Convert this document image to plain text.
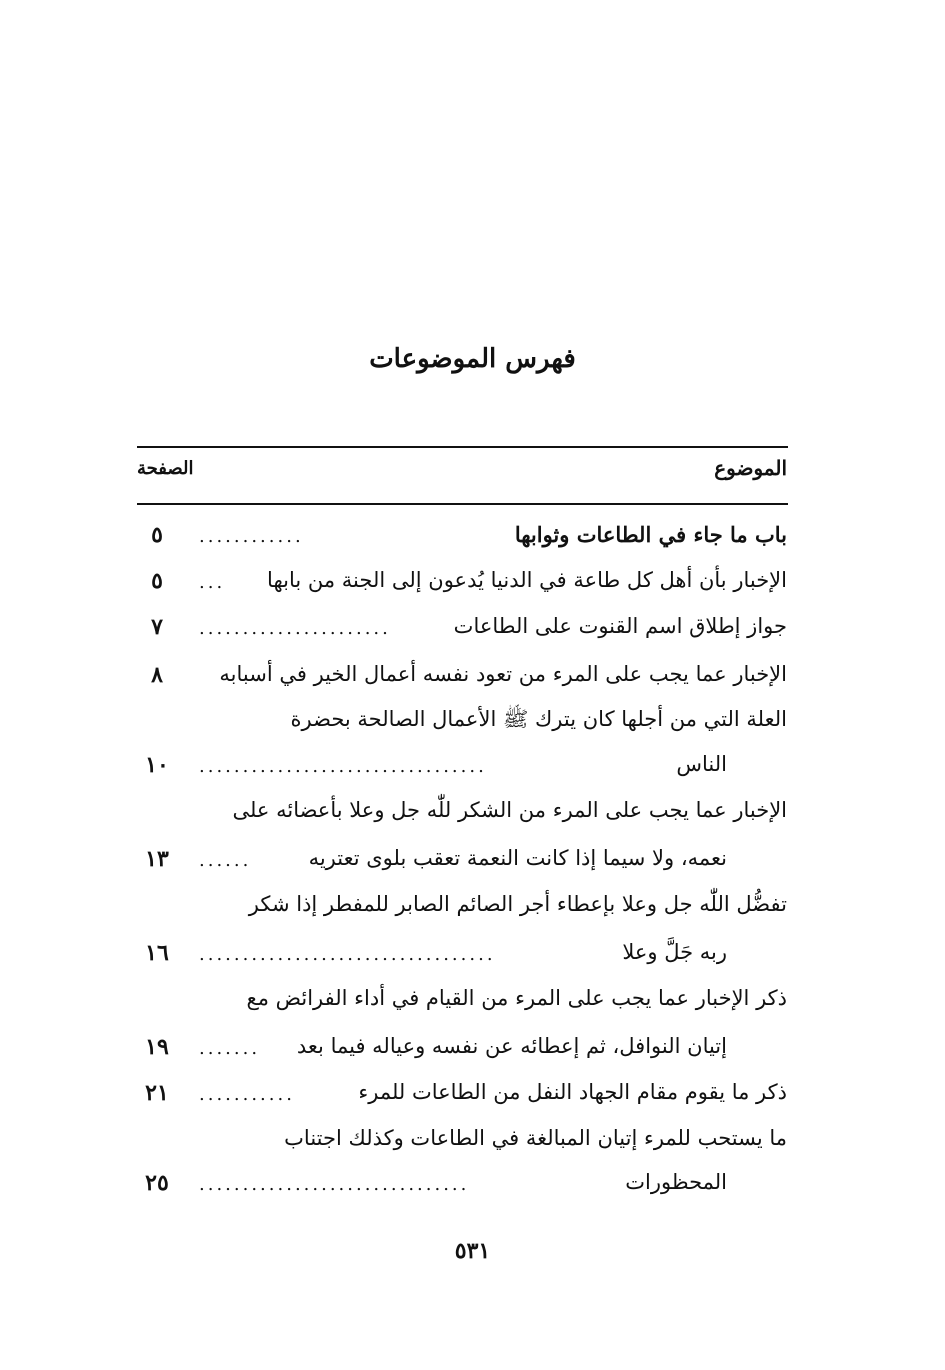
فهرس الموضوعات
الموضوع
الصفحة
باب ما جاء في الطاعات وثوابها
............
٥
الإخبار بأن أهل كل طاعة في الدنيا يُدعون إلى الجنة من بابها
...
٥
جواز إطلاق اسم القنوت على الطاعات
......................
٧
الإخبار عما يجب على المرء من تعود نفسه أعمال الخير في أسبابه
٨
العلة التي من أجلها كان يترك ﷺ الأعمال الصالحة بحضرة
الناس
.................................
١٠
الإخبار عما يجب على المرء من الشكر للّٰه جل وعلا بأعضائه على
نعمه، ولا سيما إذا كانت النعمة تعقب بلوى تعتريه
......
١٣
تفضُّل اللّٰه جل وعلا بإعطاء أجر الصائم الصابر للمفطر إذا شكر
ربه جَلَّ وعلا
..................................
١٦
ذكر الإخبار عما يجب على المرء من القيام في أداء الفرائض مع
إتيان النوافل، ثم إعطائه عن نفسه وعياله فيما بعد
.......
١٩
ذكر ما يقوم مقام الجهاد النفل من الطاعات للمرء
...........
٢١
ما يستحب للمرء إتيان المبالغة في الطاعات وكذلك اجتناب
المحظورات
...............................
٢٥
٥٣١
